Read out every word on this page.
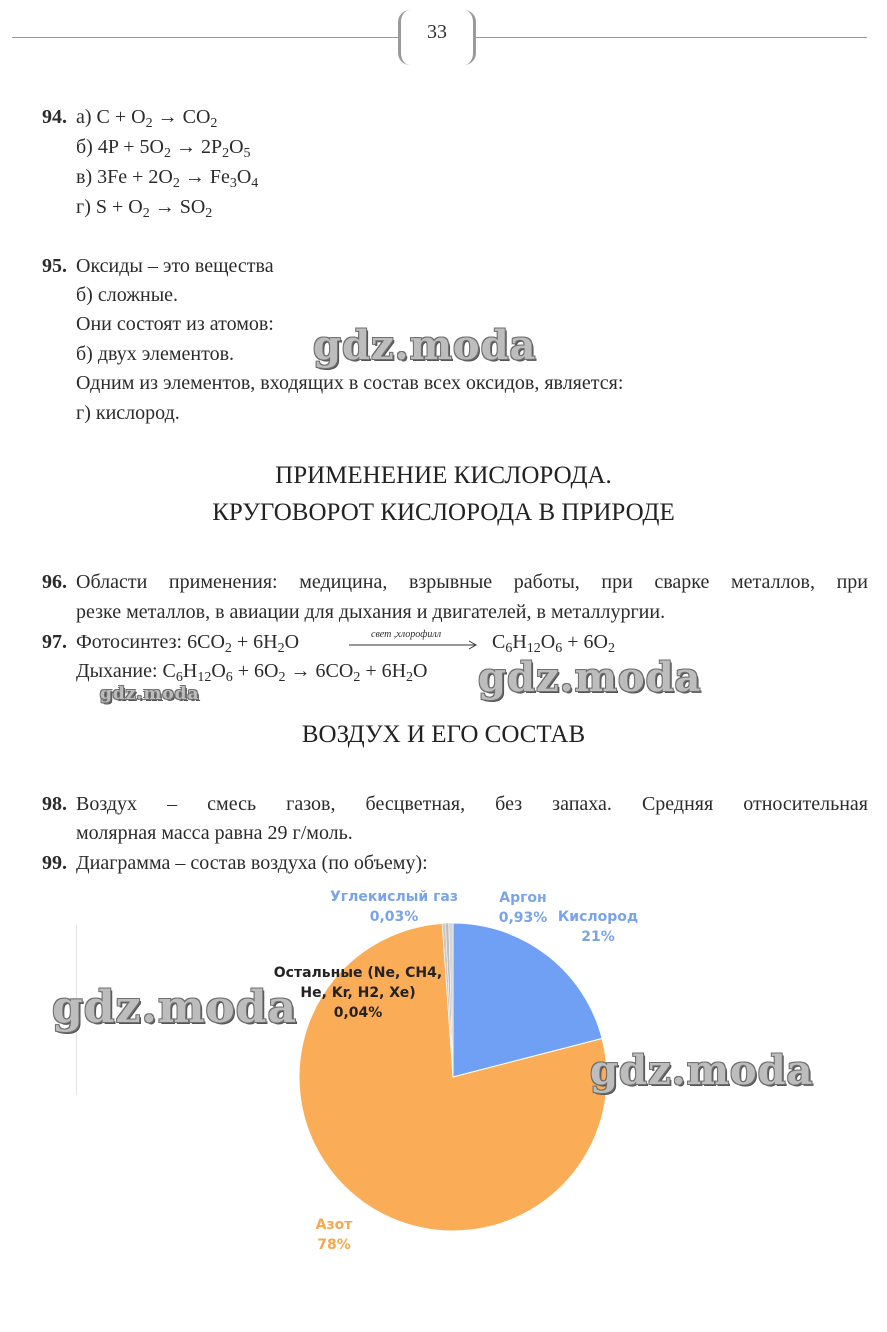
33
94. а) $C + O_2 \to CO_2$
б) $4P + 5O_2 \to 2P_2O_5$
в) $3Fe + 2O_2 \to Fe_3O_4$
г) $S + O_2 \to SO_2$
95. Оксиды – это вещества
б) сложные.
Они состоят из атомов:
б) двух элементов.
Одним из элементов, входящих в состав всех оксидов, является:
г) кислород.
ПРИМЕНЕНИЕ КИСЛОРОДА.
КРУГОВОРОТ КИСЛОРОДА В ПРИРОДЕ
96. Области применения: медицина, взрывные работы, при сварке металлов, при
резке металлов, в авиации для дыхания и двигателей, в металлургии.
97. Фотосинтез: $6CO_2 + 6H_2O$	свет ,хлорофилл	$C_6H_{12}O_6 + 6O_2$
Дыхание: $C_6H_{12}O_6 + 6O_2 \to 6CO_2 + 6H_2O$
ВОЗДУХ И ЕГО СОСТАВ
98. Воздух – смесь газов, бесцветная, без запаха. Средняя относительная
молярная масса равна 29 г/моль.
99. Диаграмма – состав воздуха (по объему):
Углекислый газ
0,03%
Аргон
0,93% Кислород
21%
Остальные (Ne, CH4,
He, Kr, H2, Xe)
0,04%
Азот
78%
gdz.moda
gdz.moda
gdz.moda
gdz.moda
gdz.moda
